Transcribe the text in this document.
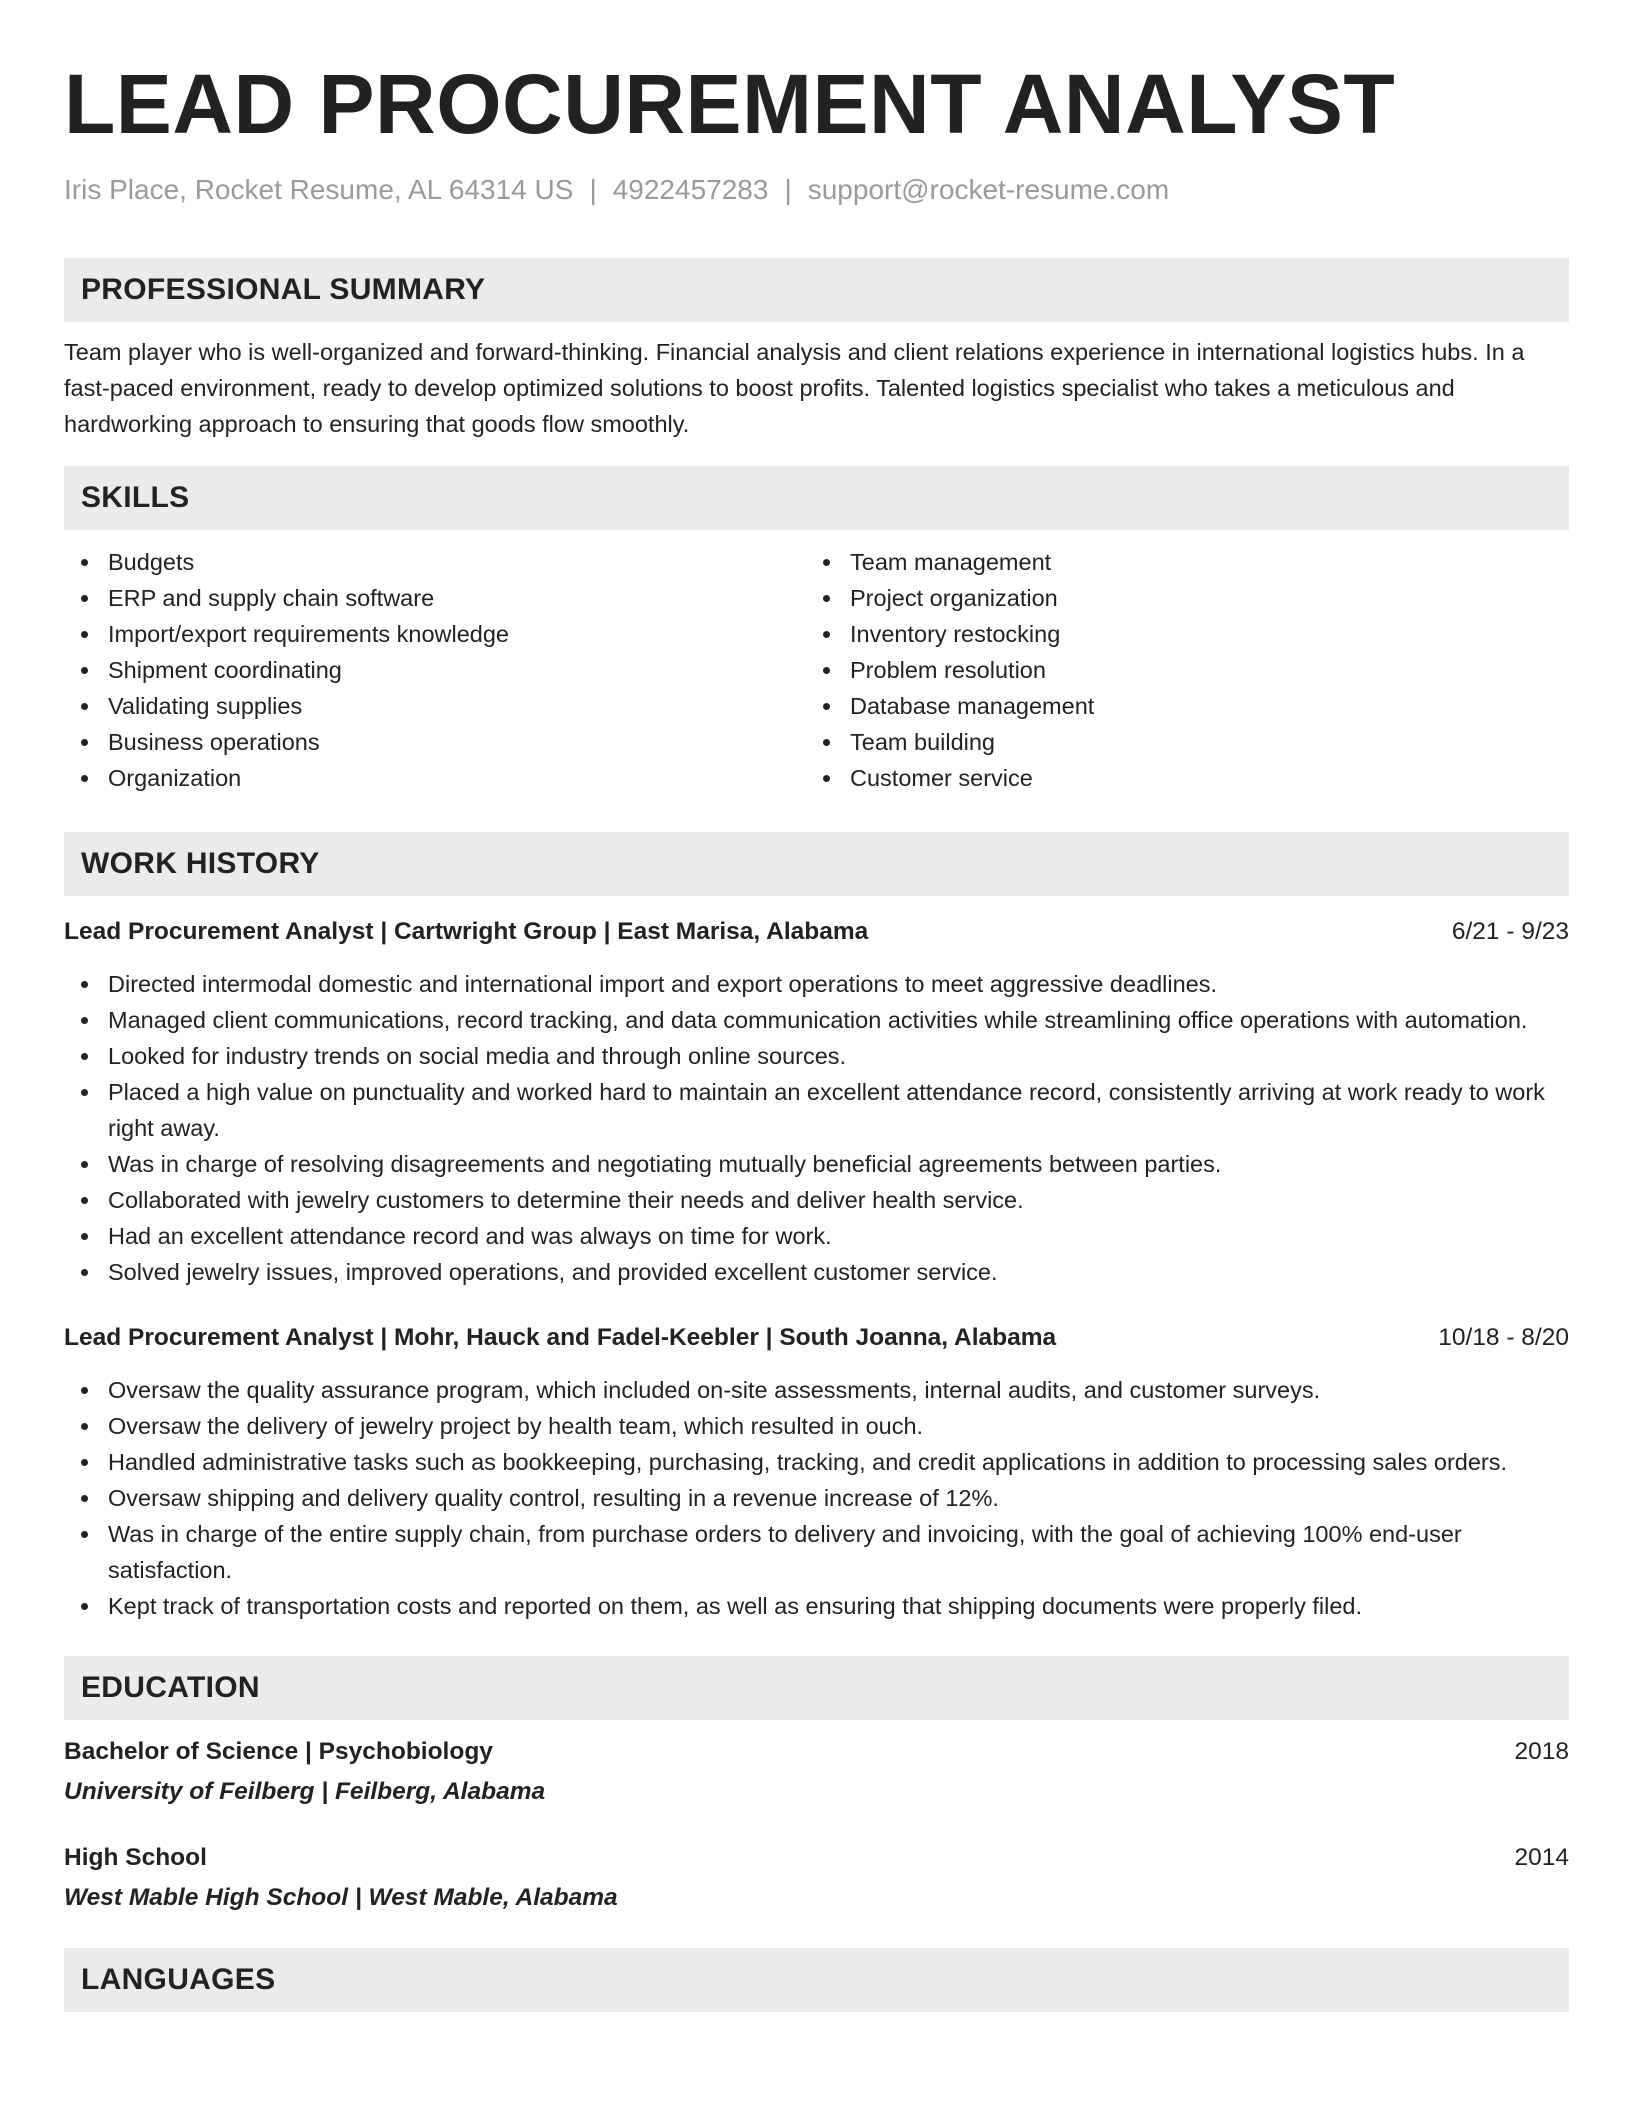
LEAD PROCUREMENT ANALYST
Iris Place, Rocket Resume, AL 64314 US | 4922457283 | support@rocket-resume.com
PROFESSIONAL SUMMARY

Team player who is well-organized and forward-thinking. Financial analysis and client relations experience in international logistics hubs. In a fast-paced environment, ready to develop optimized solutions to boost profits. Talented logistics specialist who takes a meticulous and hardworking approach to ensuring that goods flow smoothly.

SKILLS
Budgets
ERP and supply chain software
Import/export requirements knowledge
Shipment coordinating
Validating supplies
Business operations
Organization
Team management
Project organization
Inventory restocking
Problem resolution
Database management
Team building
Customer service
WORK HISTORY
Lead Procurement Analyst | Cartwright Group | East Marisa, Alabama	6/21 - 9/23
Directed intermodal domestic and international import and export operations to meet aggressive deadlines.
Managed client communications, record tracking, and data communication activities while streamlining office operations with automation.
Looked for industry trends on social media and through online sources.
Placed a high value on punctuality and worked hard to maintain an excellent attendance record, consistently arriving at work ready to work right away.
Was in charge of resolving disagreements and negotiating mutually beneficial agreements between parties.
Collaborated with jewelry customers to determine their needs and deliver health service.
Had an excellent attendance record and was always on time for work.
Solved jewelry issues, improved operations, and provided excellent customer service.
Lead Procurement Analyst | Mohr, Hauck and Fadel-Keebler | South Joanna, Alabama	10/18 - 8/20
Oversaw the quality assurance program, which included on-site assessments, internal audits, and customer surveys.
Oversaw the delivery of jewelry project by health team, which resulted in ouch.
Handled administrative tasks such as bookkeeping, purchasing, tracking, and credit applications in addition to processing sales orders.
Oversaw shipping and delivery quality control, resulting in a revenue increase of 12%.
Was in charge of the entire supply chain, from purchase orders to delivery and invoicing, with the goal of achieving 100% end-user satisfaction.
Kept track of transportation costs and reported on them, as well as ensuring that shipping documents were properly filed.
EDUCATION
Bachelor of Science | Psychobiology	2018
University of Feilberg | Feilberg, Alabama
High School	2014
West Mable High School | West Mable, Alabama
LANGUAGES
